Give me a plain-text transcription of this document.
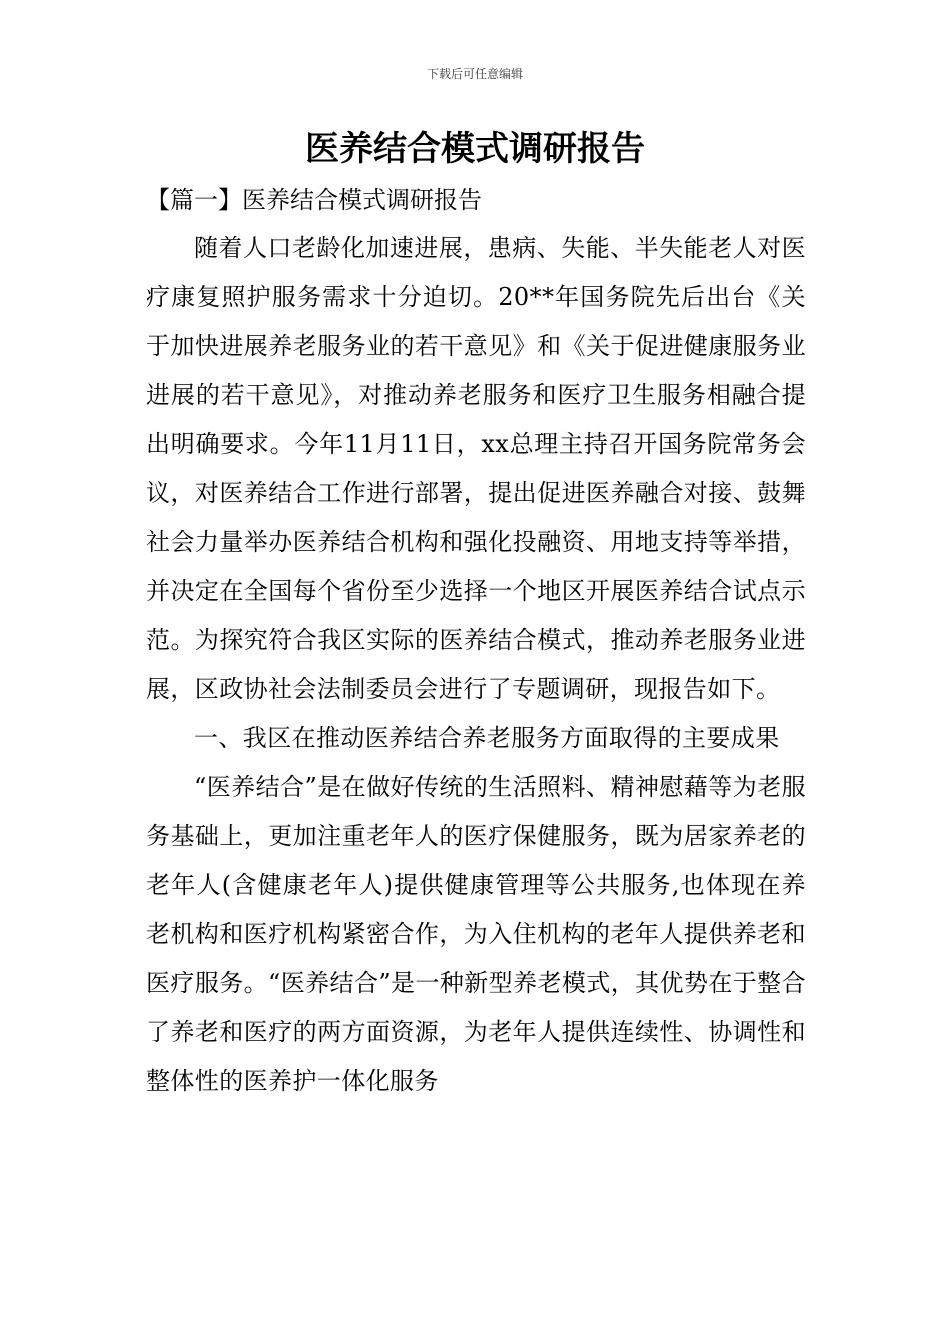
下载后可任意编辑
医养结合模式调研报告
【篇一】医养结合模式调研报告

随着人口老龄化加速进展，患病、失能、半失能老人对医疗康复照护服务需求十分迫切。20**年国务院先后出台《关于加快进展养老服务业的若干意见》和《关于促进健康服务业进展的若干意见》，对推动养老服务和医疗卫生服务相融合提出明确要求。今年11月11日，xx总理主持召开国务院常务会议，对医养结合工作进行部署，提出促进医养融合对接、鼓舞社会力量举办医养结合机构和强化投融资、用地支持等举措，并决定在全国每个省份至少选择一个地区开展医养结合试点示范。为探究符合我区实际的医养结合模式，推动养老服务业进展，区政协社会法制委员会进行了专题调研，现报告如下。

一、我区在推动医养结合养老服务方面取得的主要成果

“医养结合”是在做好传统的生活照料、精神慰藉等为老服务基础上，更加注重老年人的医疗保健服务，既为居家养老的老年人(含健康老年人)提供健康管理等公共服务,也体现在养老机构和医疗机构紧密合作，为入住机构的老年人提供养老和医疗服务。“医养结合”是一种新型养老模式，其优势在于整合了养老和医疗的两方面资源，为老年人提供连续性、协调性和整体性的医养护一体化服务
